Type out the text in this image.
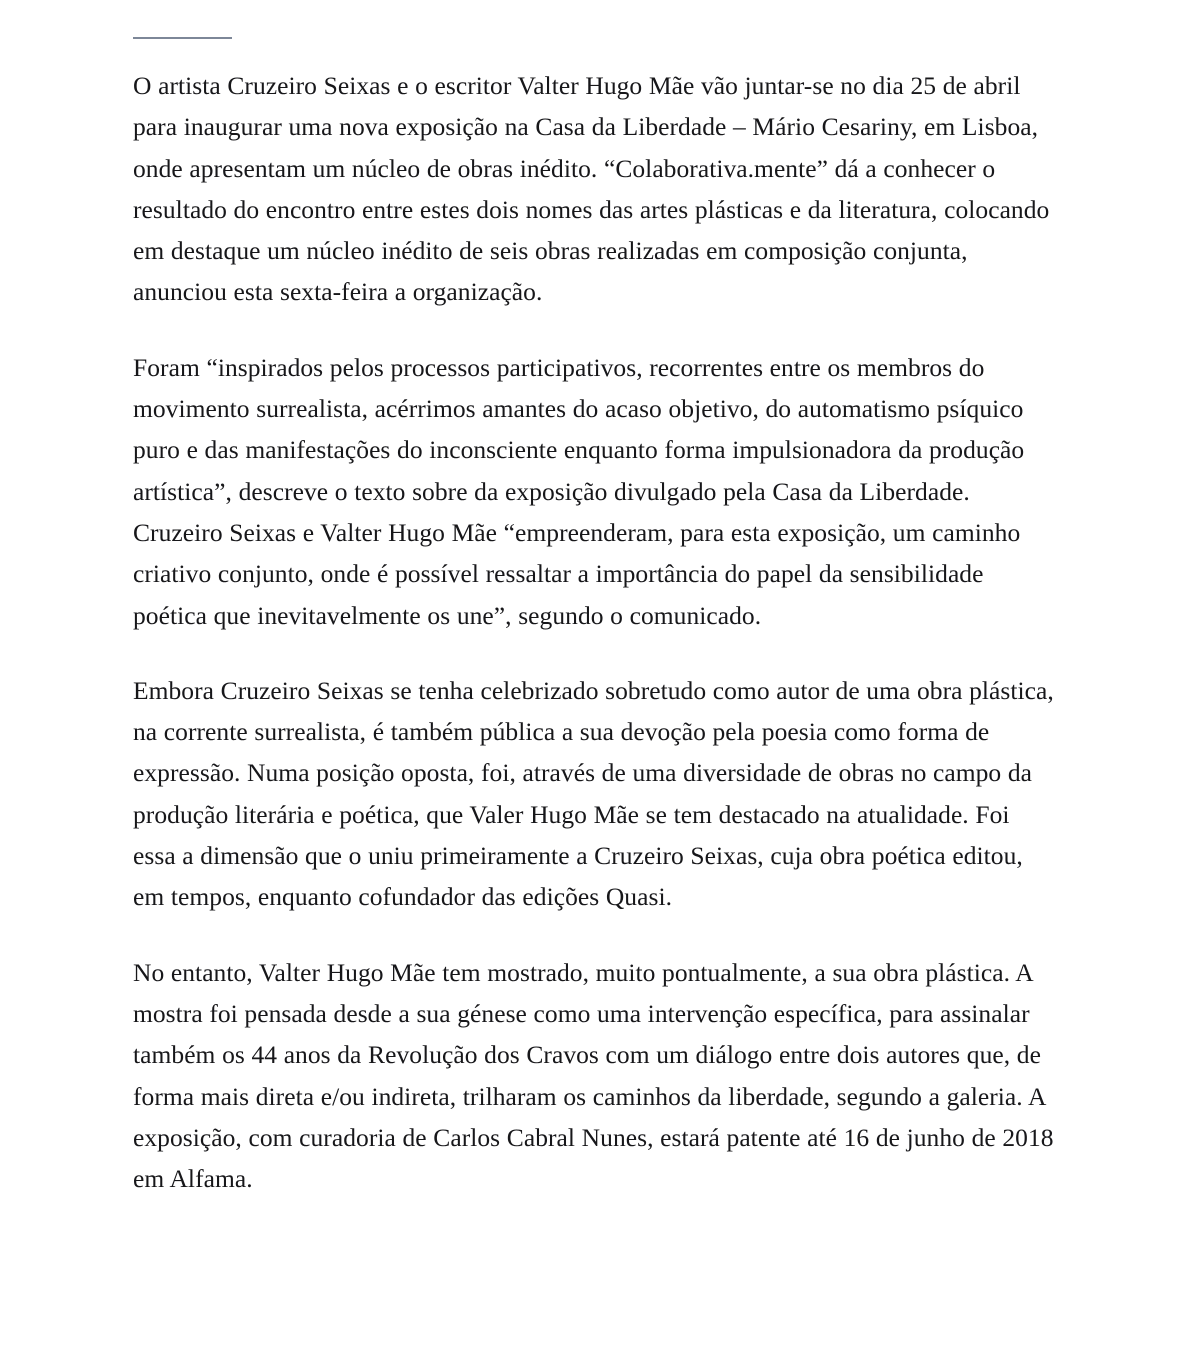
O artista Cruzeiro Seixas e o escritor Valter Hugo Mãe vão juntar-se no dia 25 de abril para inaugurar uma nova exposição na Casa da Liberdade – Mário Cesariny, em Lisboa, onde apresentam um núcleo de obras inédito. “Colaborativa.mente” dá a conhecer o resultado do encontro entre estes dois nomes das artes plásticas e da literatura, colocando em destaque um núcleo inédito de seis obras realizadas em composição conjunta, anunciou esta sexta-feira a organização.

Foram “inspirados pelos processos participativos, recorrentes entre os membros do movimento surrealista, acérrimos amantes do acaso objetivo, do automatismo psíquico puro e das manifestações do inconsciente enquanto forma impulsionadora da produção artística”, descreve o texto sobre da exposição divulgado pela Casa da Liberdade. Cruzeiro Seixas e Valter Hugo Mãe “empreenderam, para esta exposição, um caminho criativo conjunto, onde é possível ressaltar a importância do papel da sensibilidade poética que inevitavelmente os une”, segundo o comunicado.

Embora Cruzeiro Seixas se tenha celebrizado sobretudo como autor de uma obra plástica, na corrente surrealista, é também pública a sua devoção pela poesia como forma de expressão. Numa posição oposta, foi, através de uma diversidade de obras no campo da produção literária e poética, que Valer Hugo Mãe se tem destacado na atualidade. Foi essa a dimensão que o uniu primeiramente a Cruzeiro Seixas, cuja obra poética editou, em tempos, enquanto cofundador das edições Quasi.

No entanto, Valter Hugo Mãe tem mostrado, muito pontualmente, a sua obra plástica. A mostra foi pensada desde a sua génese como uma intervenção específica, para assinalar também os 44 anos da Revolução dos Cravos com um diálogo entre dois autores que, de forma mais direta e/ou indireta, trilharam os caminhos da liberdade, segundo a galeria. A exposição, com curadoria de Carlos Cabral Nunes, estará patente até 16 de junho de 2018 em Alfama.
